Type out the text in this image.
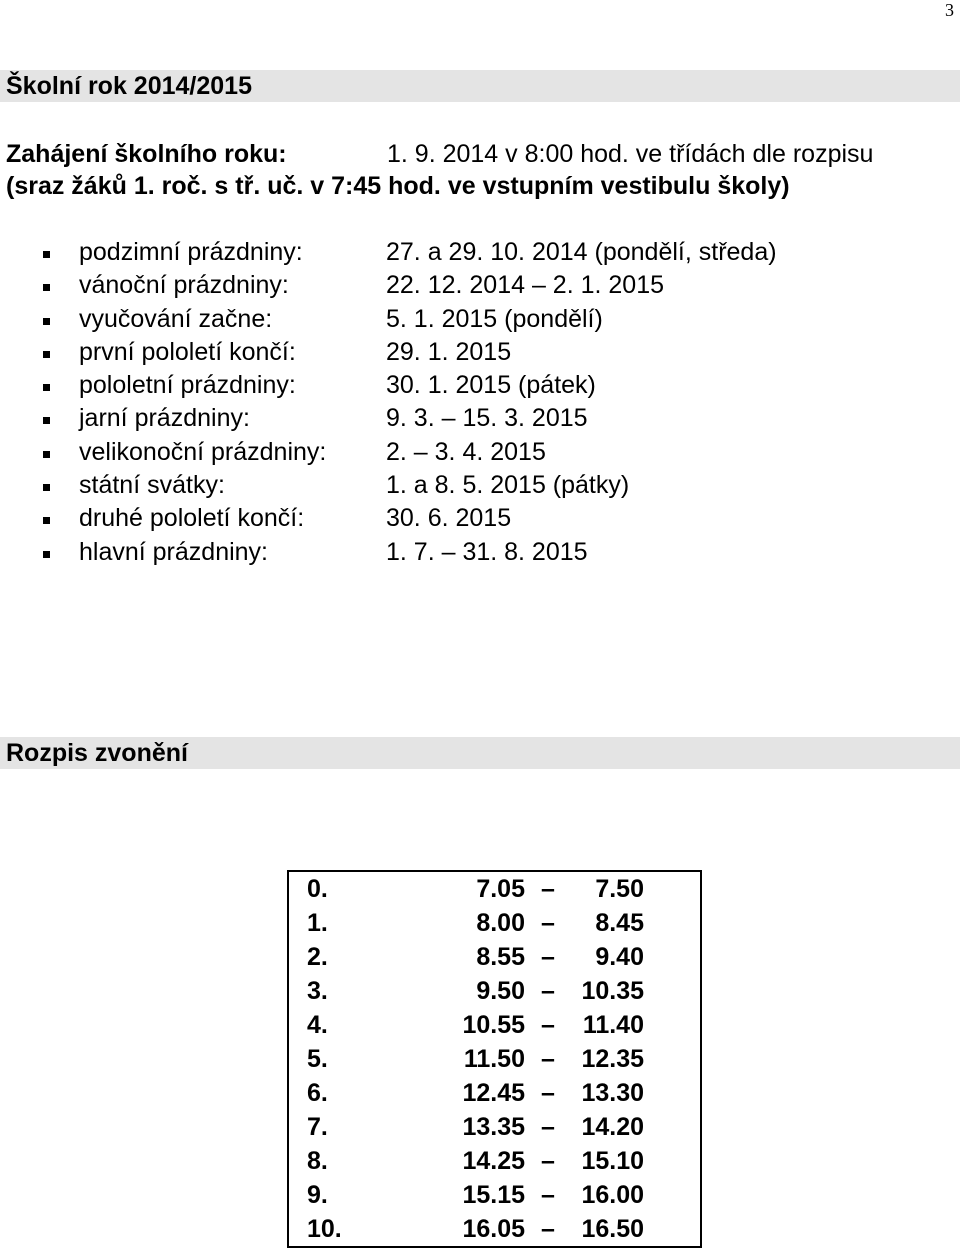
3
Školní rok 2014/2015
Zahájení školního roku:	1. 9. 2014 v 8:00 hod. ve třídách dle rozpisu
(sraz žáků 1. roč. s tř. uč. v 7:45 hod. ve vstupním vestibulu školy)
podzimní prázdniny:	27. a 29. 10. 2014 (pondělí, středa)
vánoční prázdniny:	22. 12. 2014 – 2. 1. 2015
vyučování začne:	5. 1. 2015 (pondělí)
první pololetí končí:	29. 1. 2015
pololetní prázdniny:	30. 1. 2015 (pátek)
jarní prázdniny:	9. 3. – 15. 3. 2015
velikonoční prázdniny: 2. – 3. 4. 2015
státní svátky:	1. a 8. 5. 2015 (pátky)
druhé pololetí končí:	30. 6. 2015
hlavní prázdniny:	1. 7. – 31. 8. 2015
Rozpis zvonění
0.	7.05	–	7.50
1.	8.00	–	8.45
2.	8.55	–	9.40
3.	9.50	–	10.35
4.	10.55	–	11.40
5.	11.50	–	12.35
6.	12.45	–	13.30
7.	13.35	–	14.20
8.	14.25	–	15.10
9.	15.15	–	16.00
10.	16.05	–	16.50
